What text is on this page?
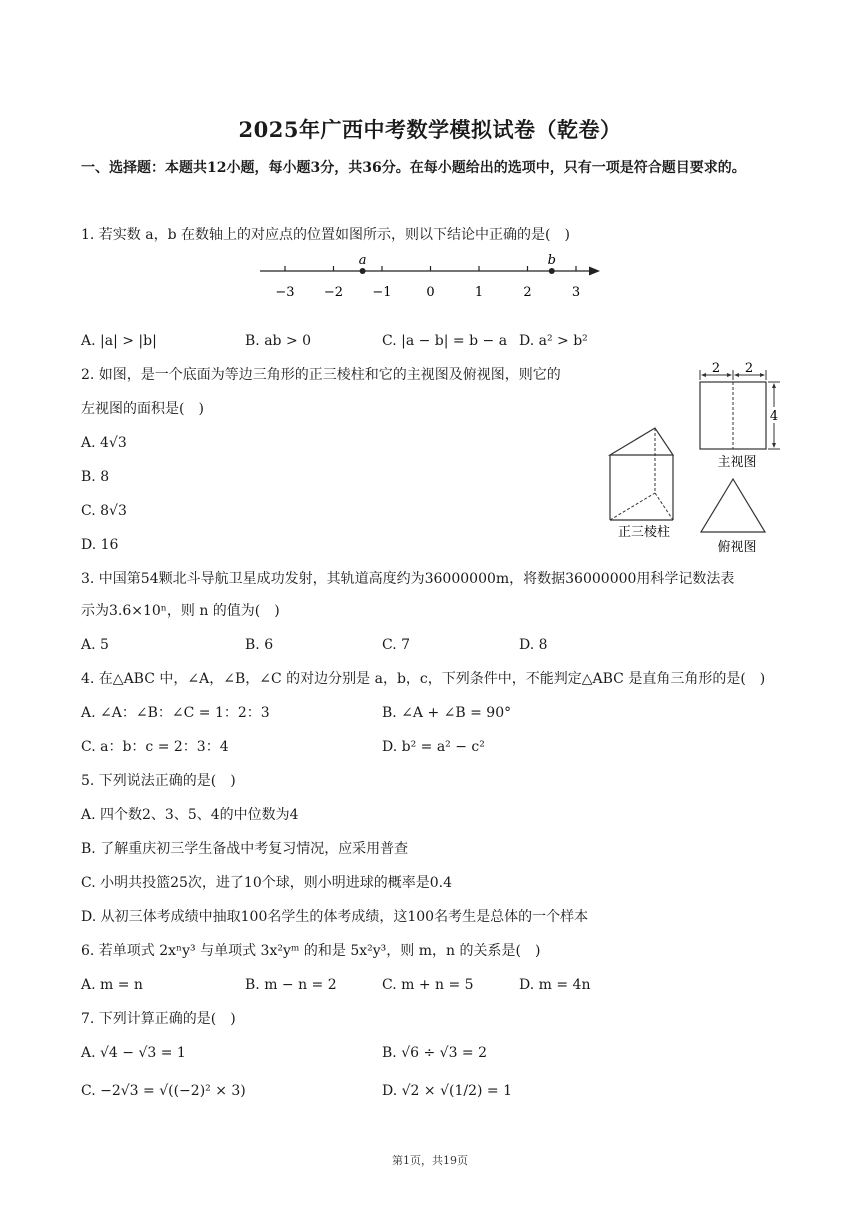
2025年广西中考数学模拟试卷（乾卷）
一、选择题：本题共12小题，每小题3分，共36分。在每小题给出的选项中，只有一项是符合题目要求的。
1. 若实数 a，b 在数轴上的对应点的位置如图所示，则以下结论中正确的是(　)
−3 −2 −1	0	1	2	3
a	b
A. |a| > |b|	B. ab > 0	C. |a − b| = b − a D. a² > b²
2. 如图，是一个底面为等边三角形的正三棱柱和它的主视图及俯视图，则它的
左视图的面积是(　)
A. 4√3
B. 8
C. 8√3
D. 16
2 2
4
主视图
正三棱柱
俯视图
3. 中国第54颗北斗导航卫星成功发射，其轨道高度约为36000000m，将数据36000000用科学记数法表
示为3.6×10ⁿ，则 n 的值为(　)
A. 5	B. 6	C. 7	D. 8
4. 在△ABC 中，∠A，∠B，∠C 的对边分别是 a，b，c，下列条件中，不能判定△ABC 是直角三角形的是(　)
A. ∠A：∠B：∠C = 1：2：3	B. ∠A + ∠B = 90°
C. a：b：c = 2：3：4	D. b² = a² − c²
5. 下列说法正确的是(　)
A. 四个数2、3、5、4的中位数为4
B. 了解重庆初三学生备战中考复习情况，应采用普查
C. 小明共投篮25次，进了10个球，则小明进球的概率是0.4
D. 从初三体考成绩中抽取100名学生的体考成绩，这100名考生是总体的一个样本
6. 若单项式 2xⁿy³ 与单项式 3x²yᵐ 的和是 5x²y³，则 m，n 的关系是(　)
A. m = n	B. m − n = 2	C. m + n = 5	D. m = 4n
7. 下列计算正确的是(　)
A. √4 − √3 = 1	B. √6 ÷ √3 = 2
C. −2√3 = √((−2)² × 3)	D. √2 × √(1/2) = 1
第1页，共19页
